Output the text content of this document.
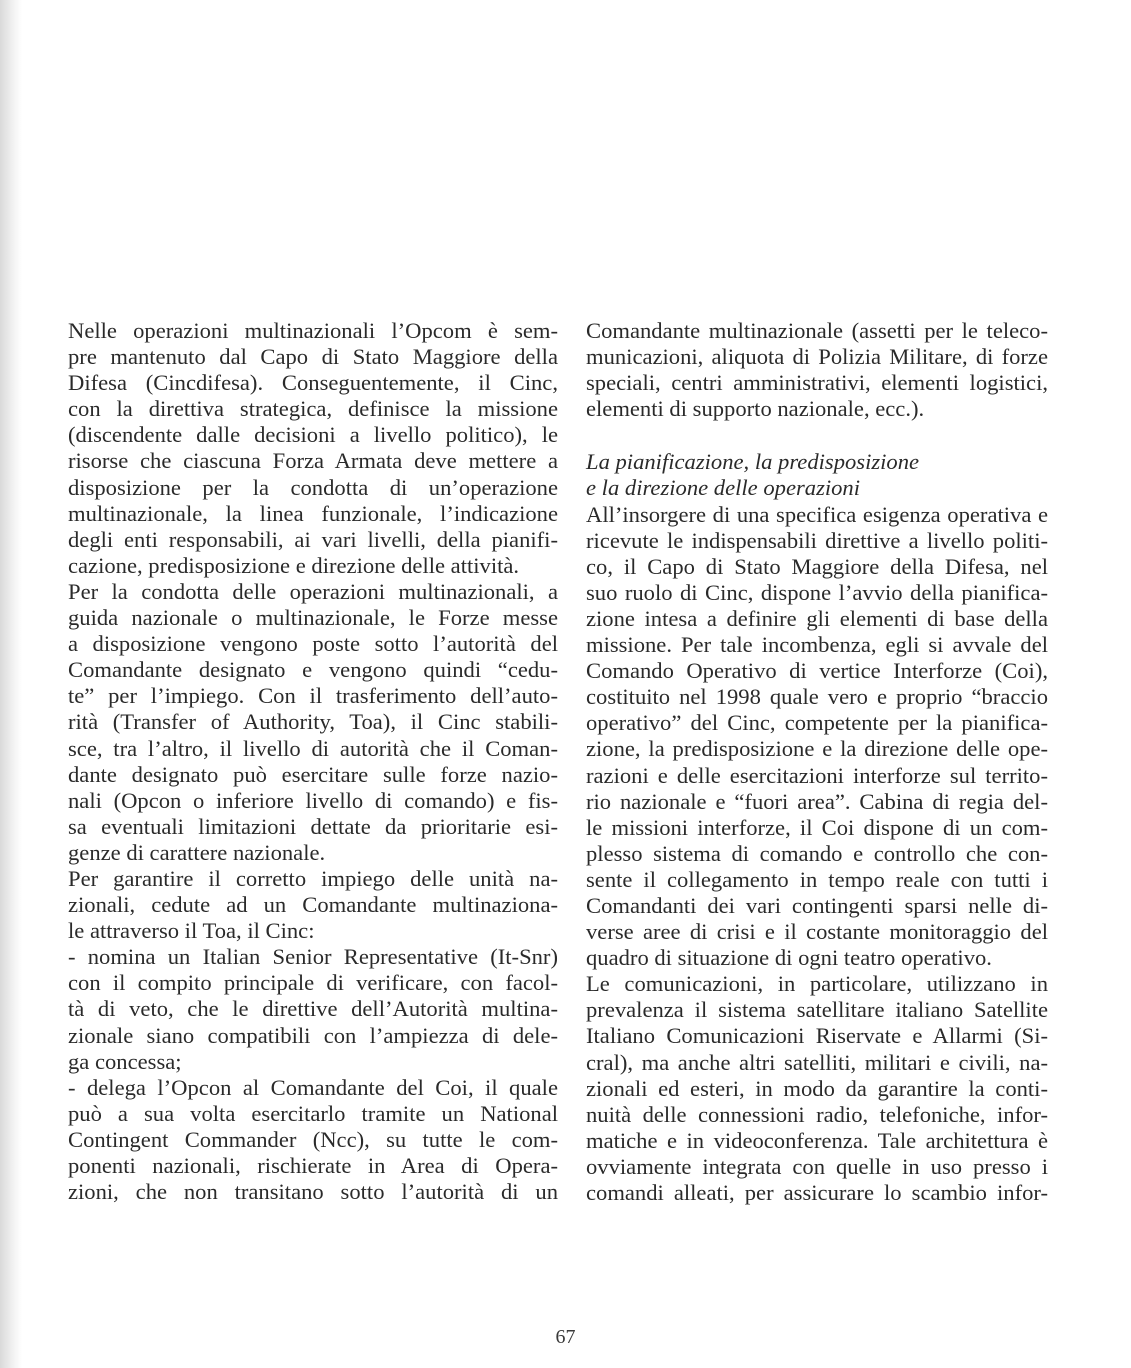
Nelle operazioni multinazionali l’Opcom è sem-
pre mantenuto dal Capo di Stato Maggiore della
Difesa (Cincdifesa). Conseguentemente, il Cinc,
con la direttiva strategica, definisce la missione
(discendente dalle decisioni a livello politico), le
risorse che ciascuna Forza Armata deve mettere a
disposizione per la condotta di un’operazione
multinazionale, la linea funzionale, l’indicazione
degli enti responsabili, ai vari livelli, della pianifi-
cazione, predisposizione e direzione delle attività.
Per la condotta delle operazioni multinazionali, a
guida nazionale o multinazionale, le Forze messe
a disposizione vengono poste sotto l’autorità del
Comandante designato e vengono quindi “cedu-
te” per l’impiego. Con il trasferimento dell’auto-
rità (Transfer of Authority, Toa), il Cinc stabili-
sce, tra l’altro, il livello di autorità che il Coman-
dante designato può esercitare sulle forze nazio-
nali (Opcon o inferiore livello di comando) e fis-
sa eventuali limitazioni dettate da prioritarie esi-
genze di carattere nazionale.
Per garantire il corretto impiego delle unità na-
zionali, cedute ad un Comandante multinaziona-
le attraverso il Toa, il Cinc:
- nomina un Italian Senior Representative (It-Snr)
con il compito principale di verificare, con facol-
tà di veto, che le direttive dell’Autorità multina-
zionale siano compatibili con l’ampiezza di dele-
ga concessa;
- delega l’Opcon al Comandante del Coi, il quale
può a sua volta esercitarlo tramite un National
Contingent Commander (Ncc), su tutte le com-
ponenti nazionali, rischierate in Area di Opera-
zioni, che non transitano sotto l’autorità di un
Comandante multinazionale (assetti per le teleco-
municazioni, aliquota di Polizia Militare, di forze
speciali, centri amministrativi, elementi logistici,
elementi di supporto nazionale, ecc.).
La pianificazione, la predisposizione
e la direzione delle operazioni
All’insorgere di una specifica esigenza operativa e
ricevute le indispensabili direttive a livello politi-
co, il Capo di Stato Maggiore della Difesa, nel
suo ruolo di Cinc, dispone l’avvio della pianifica-
zione intesa a definire gli elementi di base della
missione. Per tale incombenza, egli si avvale del
Comando Operativo di vertice Interforze (Coi),
costituito nel 1998 quale vero e proprio “braccio
operativo” del Cinc, competente per la pianifica-
zione, la predisposizione e la direzione delle ope-
razioni e delle esercitazioni interforze sul territo-
rio nazionale e “fuori area”. Cabina di regia del-
le missioni interforze, il Coi dispone di un com-
plesso sistema di comando e controllo che con-
sente il collegamento in tempo reale con tutti i
Comandanti dei vari contingenti sparsi nelle di-
verse aree di crisi e il costante monitoraggio del
quadro di situazione di ogni teatro operativo.
Le comunicazioni, in particolare, utilizzano in
prevalenza il sistema satellitare italiano Satellite
Italiano Comunicazioni Riservate e Allarmi (Si-
cral), ma anche altri satelliti, militari e civili, na-
zionali ed esteri, in modo da garantire la conti-
nuità delle connessioni radio, telefoniche, infor-
matiche e in videoconferenza. Tale architettura è
ovviamente integrata con quelle in uso presso i
comandi alleati, per assicurare lo scambio infor-
67
